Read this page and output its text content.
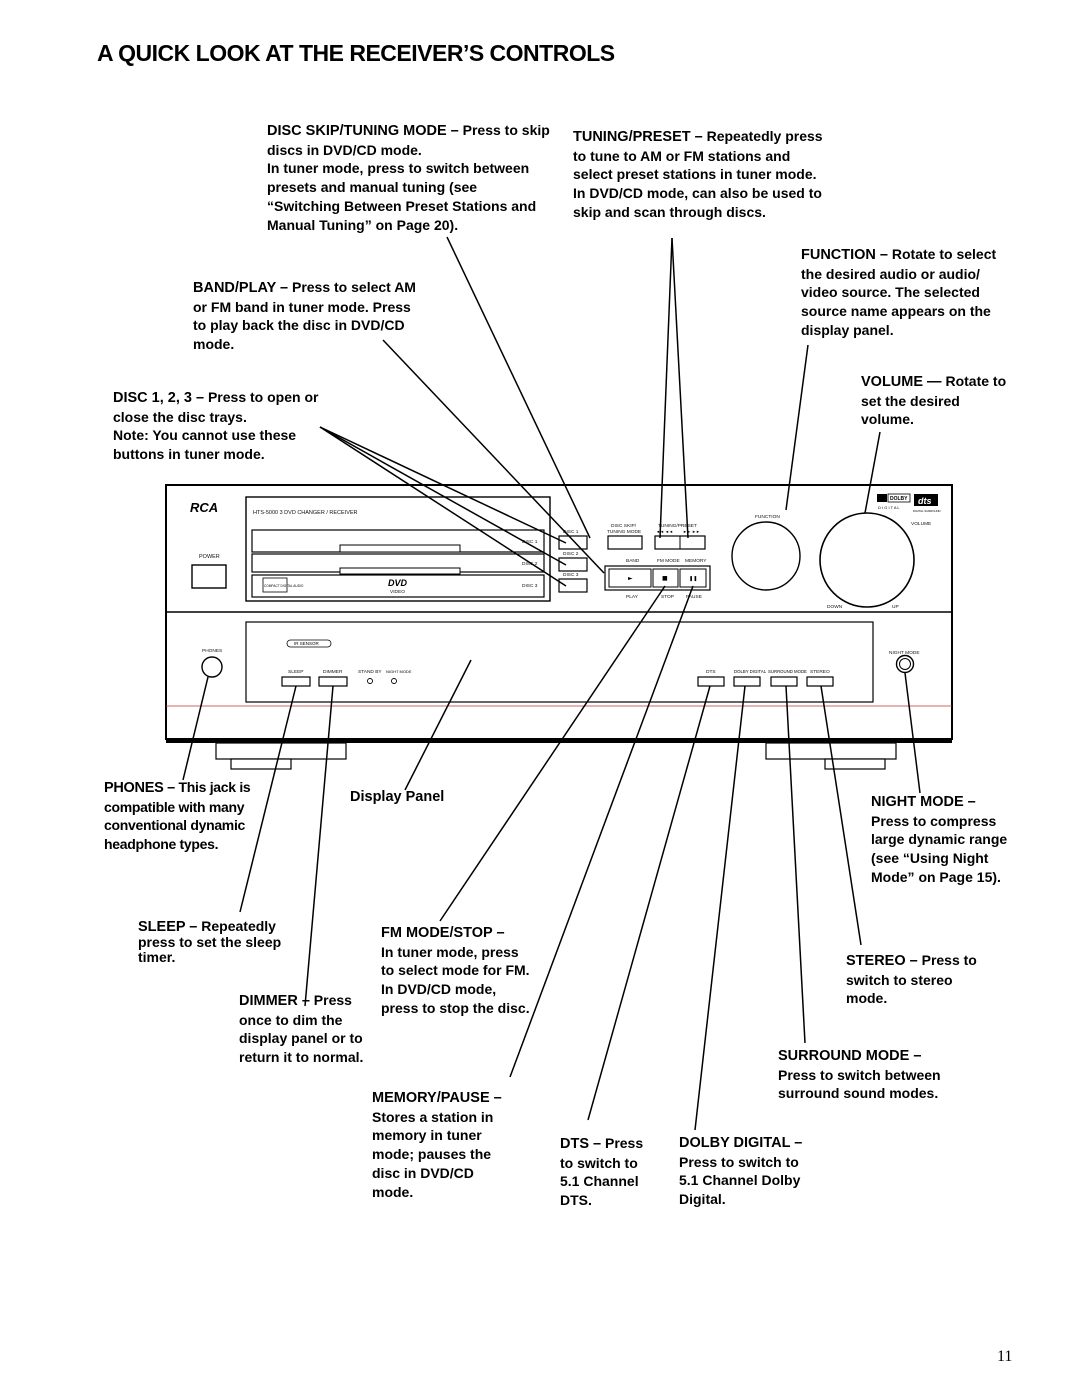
A QUICK LOOK AT THE RECEIVER’S CONTROLS
RCA	HTS-5000 3 DVD CHANGER / RECEIVER
POWER
COMPACT DIGITAL AUDIO	DVD
VIDEO
DISC 1
DISC 2
DISC 3
DISC 1
DISC 2
DISC 3
DISC SKIP/
TUNING MODE
TUNING/PRESET
◄◄ ◄◄	►► ►►
BAND	FM MODE MEMORY
►	■	❚❚
PLAY	STOP	PAUSE
FUNCTION
VOLUME
DOWN	UP
DOLBY
D I G I T A L
dts
DIGITAL SURROUND
IR SENSOR
PHONES
SLEEP	DIMMER	STAND BY NIGHT MODE	DTS	DOLBY DIGITAL SURROUND MODE STEREO
NIGHT MODE
DISC SKIP/TUNING MODE – Press to skip discs in DVD/CD mode.
In tuner mode, press to switch between presets and manual tuning (see “Switching Between Preset Stations and Manual Tuning” on Page 20).
TUNING/PRESET – Repeatedly press to tune to AM or FM stations and select preset stations in tuner mode. In DVD/CD mode, can also be used to skip and scan through discs.
FUNCTION – Rotate to select the desired audio or audio/ video source. The selected source name appears on the display panel.
BAND/PLAY – Press to select AM or FM band in tuner mode. Press to play back the disc in DVD/CD mode.
VOLUME — Rotate to set the desired volume.
DISC 1, 2, 3 – Press to open or close the disc trays.
Note: You cannot use these buttons in tuner mode.
PHONES – This jack is compatible with many conventional dynamic headphone types.
Display Panel	NIGHT MODE – Press to compress large dynamic range (see “Using Night Mode” on Page 15).
SLEEP – Repeatedly press to set the sleep timer.
FM MODE/STOP –
In tuner mode, press to select mode for FM. In DVD/CD mode, press to stop the disc.
STEREO – Press to switch to stereo mode.
DIMMER – Press once to dim the display panel or to return it to normal.	SURROUND MODE –
Press to switch between surround sound modes.
MEMORY/PAUSE –
Stores a station in memory in tuner mode; pauses the disc in DVD/CD mode.
DTS – Press to switch to 5.1 Channel DTS.
DOLBY DIGITAL –
Press to switch to 5.1 Channel Dolby Digital.
11
